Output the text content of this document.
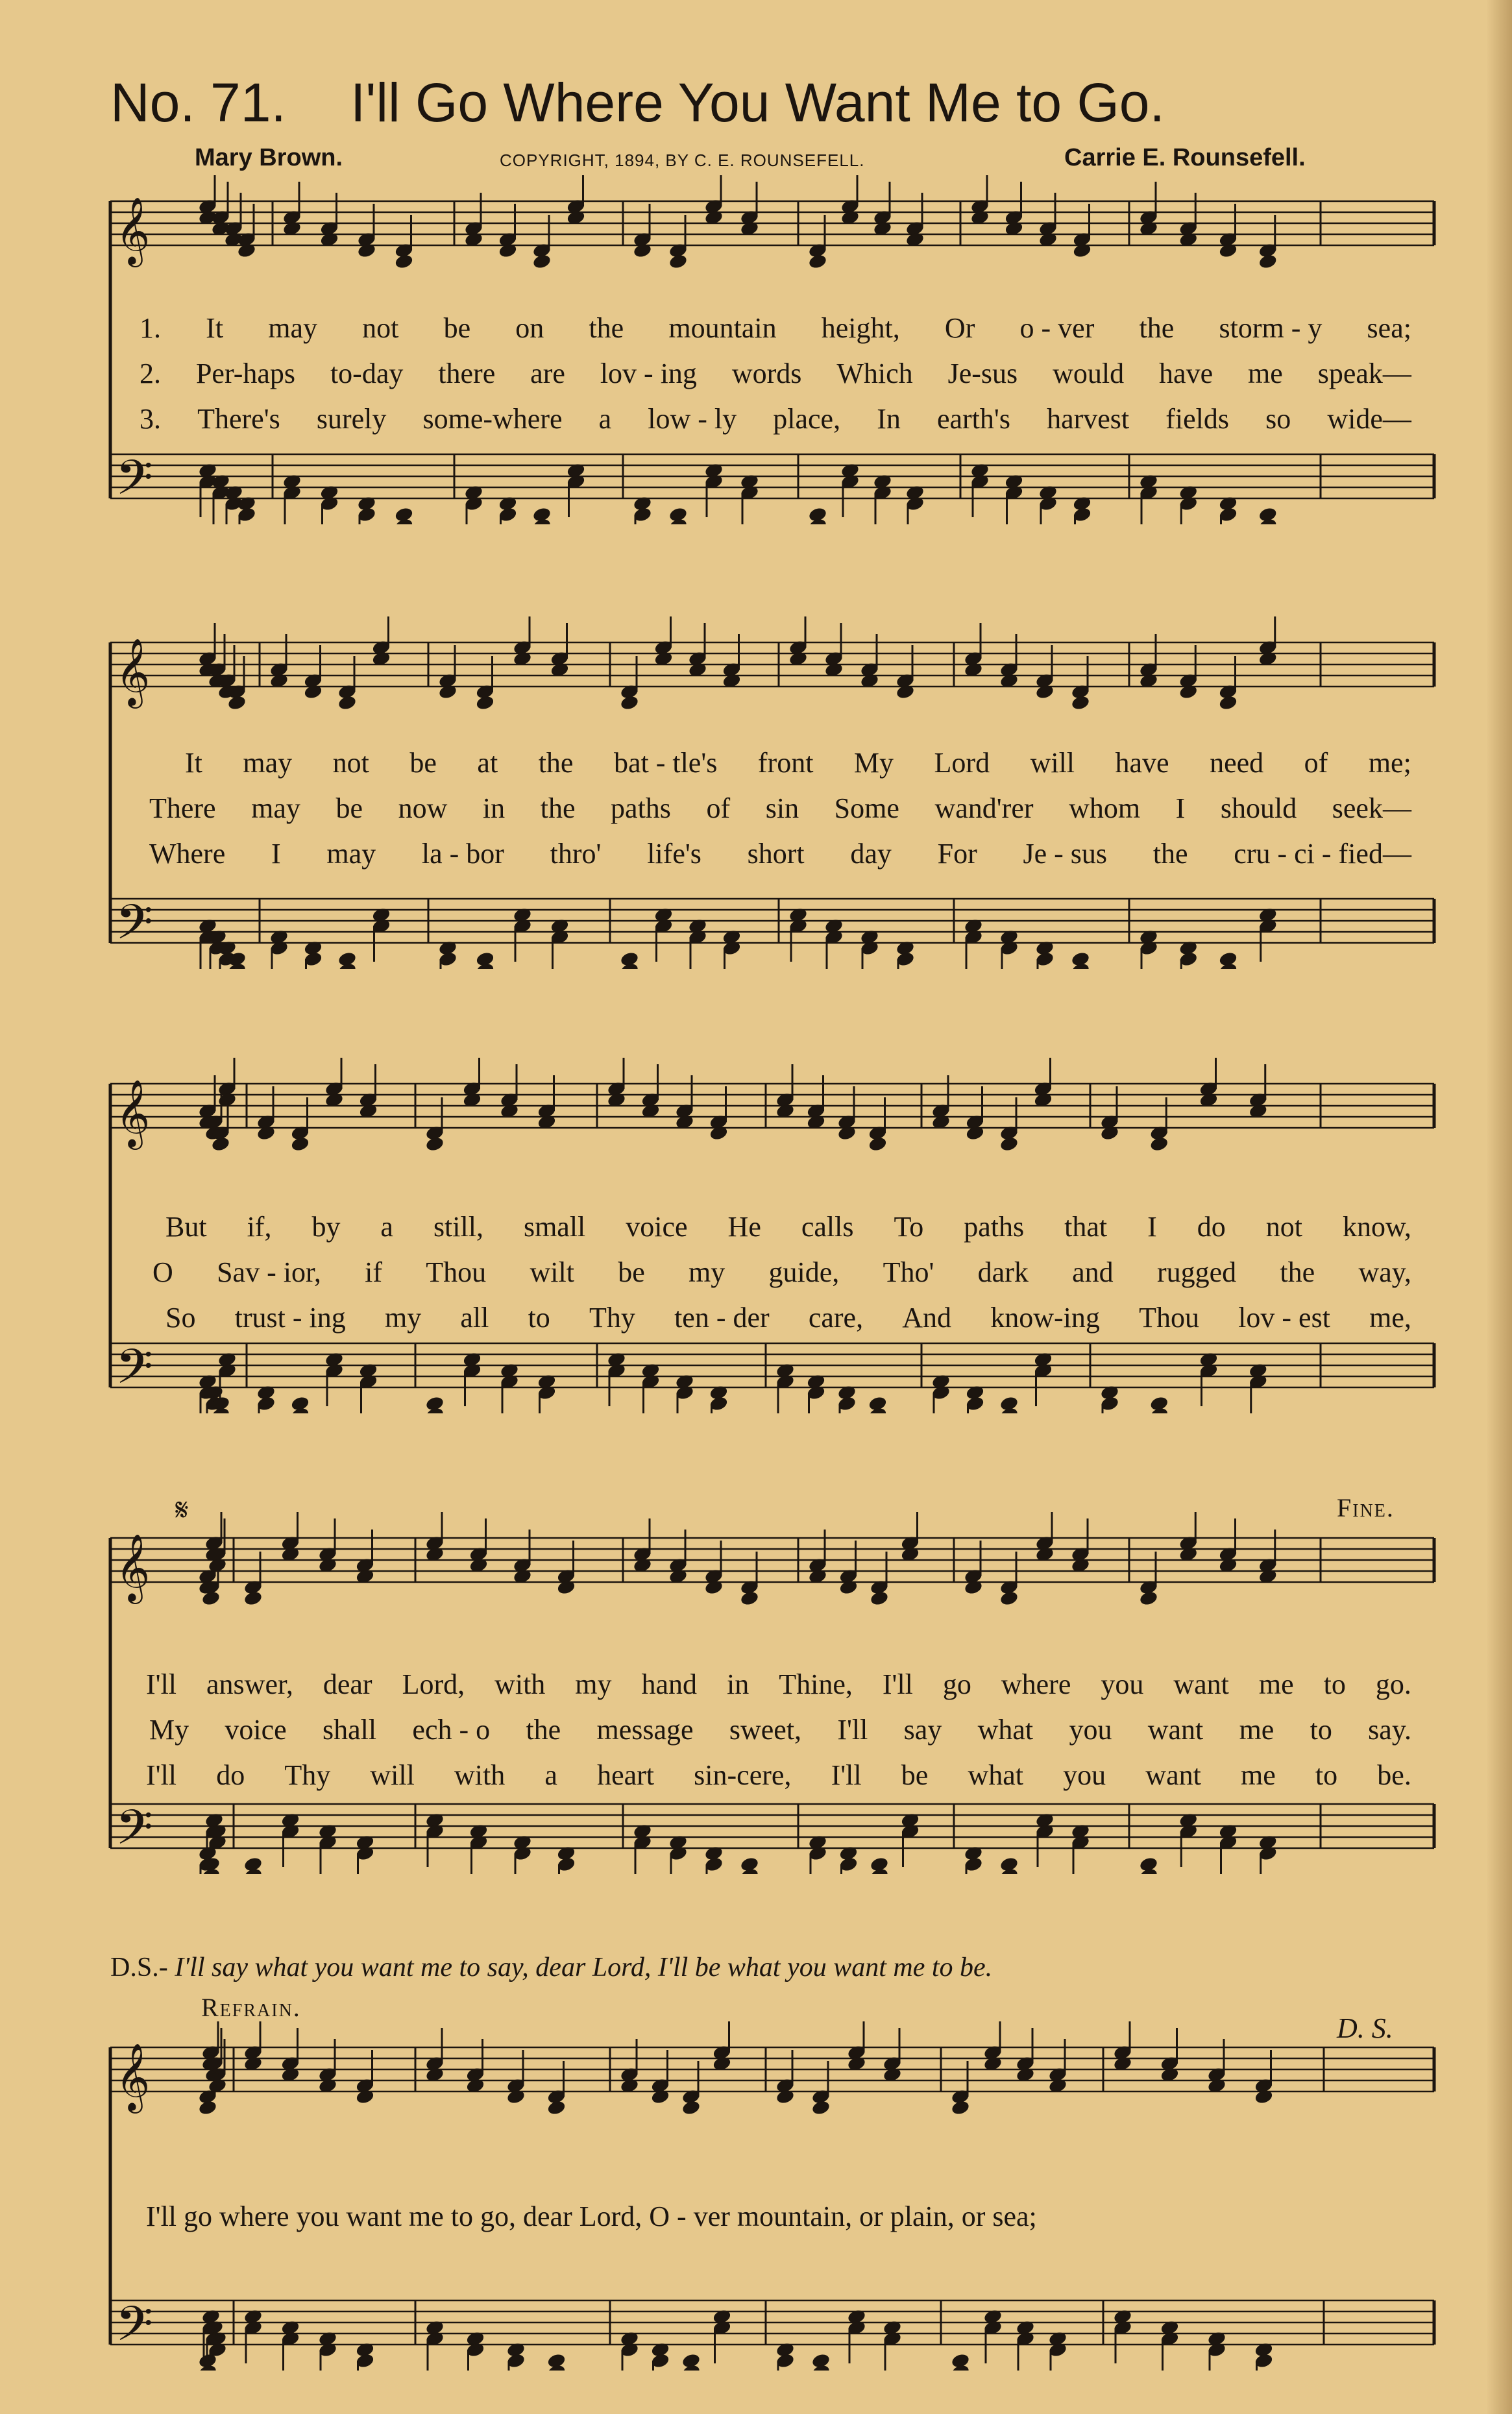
No. 71. I'll Go Where You Want Me to Go.
Mary Brown.	COPYRIGHT, 1894, BY C. E. ROUNSEFELL.	Carrie E. Rounsefell.
𝄞
𝄢
𝄞
𝄢
𝄞
𝄢
𝄞
𝄢
𝄞
𝄢
1. It may not be on the mountain height, Or o - ver the storm - y sea;
2. Per-haps to-day there are lov - ing words Which Je-sus would have me speak—
3. There's surely some-where a low - ly place, In earth's harvest fields so wide—
It may not be at the bat - tle's front My Lord will have need of me;
There may be now in the paths of sin Some wand'rer whom I should seek—
Where I may la - bor thro' life's short day For Je - sus the cru - ci - fied—
But if, by a still, small voice He calls To paths that I do not know,
O Sav - ior, if Thou wilt be my guide, Tho' dark and rugged the way,
So trust - ing my all to Thy ten - der care, And know-ing Thou lov - est me,
I'll answer, dear Lord, with my hand in Thine, I'll go where you want me to go.
My voice shall ech - o the message sweet, I'll say what you want me to say.
I'll do Thy will with a heart sin-cere, I'll be what you want me to be.
𝄋	Fine.
D.S.- I'll say what you want me to say, dear Lord, I'll be what you want me to be.
Refrain.
D. S.
I'll go where you want me to go, dear Lord, O - ver mountain, or plain, or sea;
